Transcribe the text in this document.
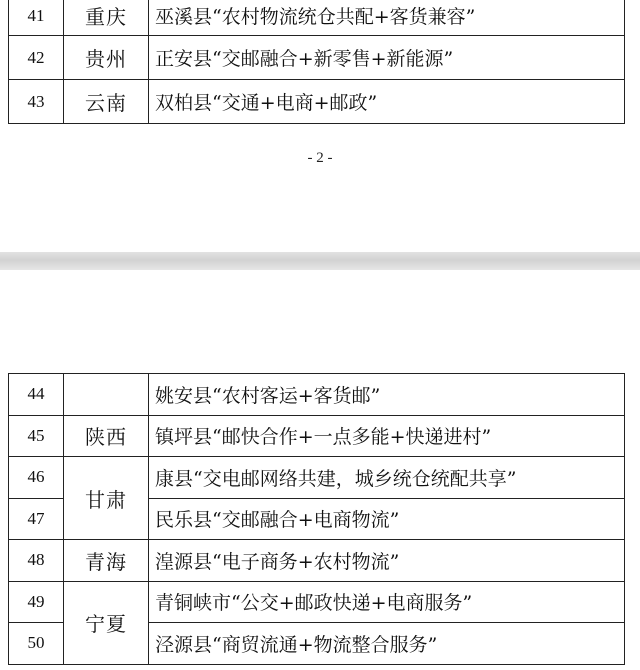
41	重庆	巫溪县“农村物流统仓共配+客货兼容”
42	贵州	正安县“交邮融合+新零售+新能源”
43	云南	双柏县“交通+电商+邮政”
- 2 -
44		姚安县“农村客运+客货邮”
45	陕西	镇坪县“邮快合作+一点多能+快递进村”
46	甘肃	康县“交电邮网络共建，城乡统仓统配共享”
47		民乐县“交邮融合+电商物流”
48	青海	湟源县“电子商务+农村物流”
49	宁夏	青铜峡市“公交+邮政快递+电商服务”
50		泾源县“商贸流通+物流整合服务”
